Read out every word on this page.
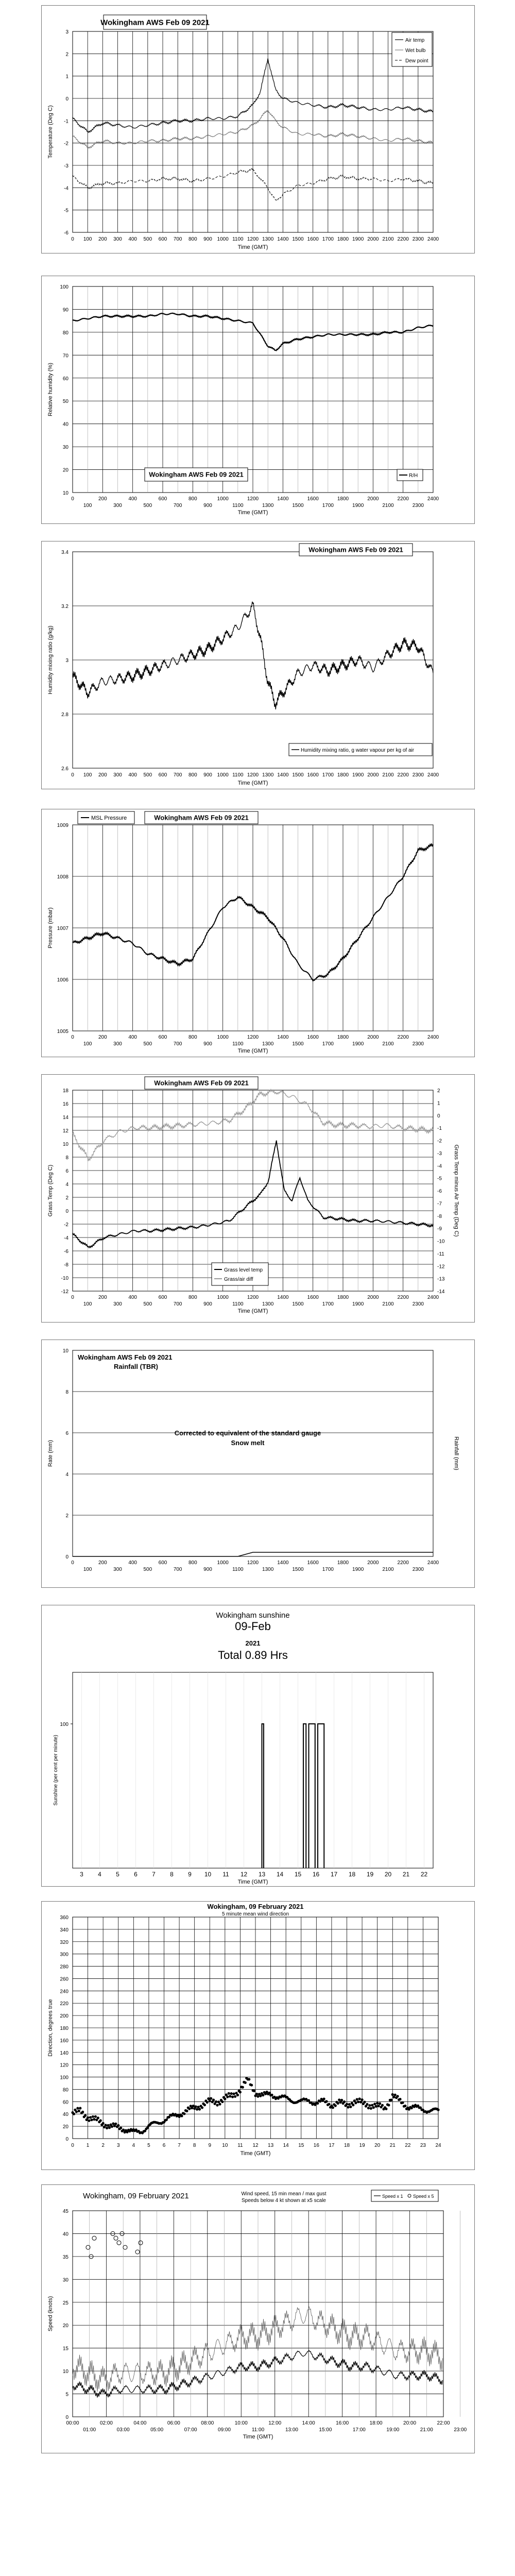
3
2
1
0
-1
-2
-3
-4
-5
-6
0 100 200 300 400 500 600 700 800 900 1000 1100 1200 1300 1400 1500 1600 1700 1800 1900 2000 2100 2200 2300 2400
Time (GMT)
Temperature (Deg C)
Wokingham AWS Feb 09 2021
Air temp
Wet bulb
Dew point
100
90
80
70
60
50
40
30
20
10
0	200	400	600	800	1000	1200	1400	1600	1800	2000	2200	2400
100	300	500	700	900	1100	1300	1500	1700	1900	2100	2300
Time (GMT)
Relative humidity (%)
Wokingham AWS Feb 09 2021	R/H
3.4
3.2
3
2.8
2.6
0 100 200 300 400 500 600 700 800 900 1000 1100 1200 1300 1400 1500 1600 1700 1800 1900 2000 2100 2200 2300 2400
Time (GMT)
Humidity mixing ratio (g/kg)
Wokingham AWS Feb 09 2021
Humidity mixing ratio, g water vapour per kg of air
1009
1008
1007
1006
1005
0	200	400	600	800	1000	1200	1400	1600	1800	2000	2200	2400
100	300	500	700	900	1100	1300	1500	1700	1900	2100	2300
Time (GMT)
Pressure (mbar)
MSL Pressure	Wokingham AWS Feb 09 2021
18
16
14
12
10
8
6
4
2
0
-2
-4
-6
-8
-10
-12
2
1
0
-1
-2
-3
-4
-5
-6
-7
-8
-9
-10
-11
-12
-13
-14
0	200	400	600	800	1000	1200	1400	1600	1800	2000	2200	2400
100	300	500	700	900	1100	1300	1500	1700	1900	2100	2300
Time (GMT)
Grass Temp (Deg C)	Grass Temp minus Air Temp (Deg C)
Wokingham AWS Feb 09 2021
Grass level temp
Grass/air diff
10
8
6
4
2
0
0	200	400	600	800	1000	1200	1400	1600	1800	2000	2200	2400
100	300	500	700	900	1100	1300	1500	1700	1900	2100	2300
Rate (mm)	Rainfall (mm)
Wokingham AWS Feb 09 2021
Rainfall (TBR)
Corrected to equivalent of the standard gauge
Snow melt
3 4 5 6 7 8 9 10 11 12 13 14 15 16 17 18 19 20 21 22
100
Time (GMT)
Sunshine (per cent per minute)
Wokingham sunshine
09-Feb
2021
Total 0.89 Hrs
360
340
320
300
280
260
240
220
200
180
160
140
120
100
80
60
40
20
0
0 1 2 3 4 5 6 7 8 9 10 11 12 13 14 15 16 17 18 19 20 21 22 23 24
Time (GMT)
Direction, degrees true
Wokingham, 09 February 2021
5 minute mean wind direction
45
40
35
30
25
20
15
10
5
0
00:00	02:00	04:00	06:00	08:00	10:00	12:00	14:00	16:00	18:00	20:00	22:00
01:00	03:00	05:00	07:00	09:00	11:00	13:00	15:00	17:00	19:00	21:00	23:00
Time (GMT)
Speed (knots)
Wokingham, 09 February 2021	Wind speed, 15 min mean / max gust
Speeds below 4 kt shown at x5 scale
Speed x 1 Speed x 5
